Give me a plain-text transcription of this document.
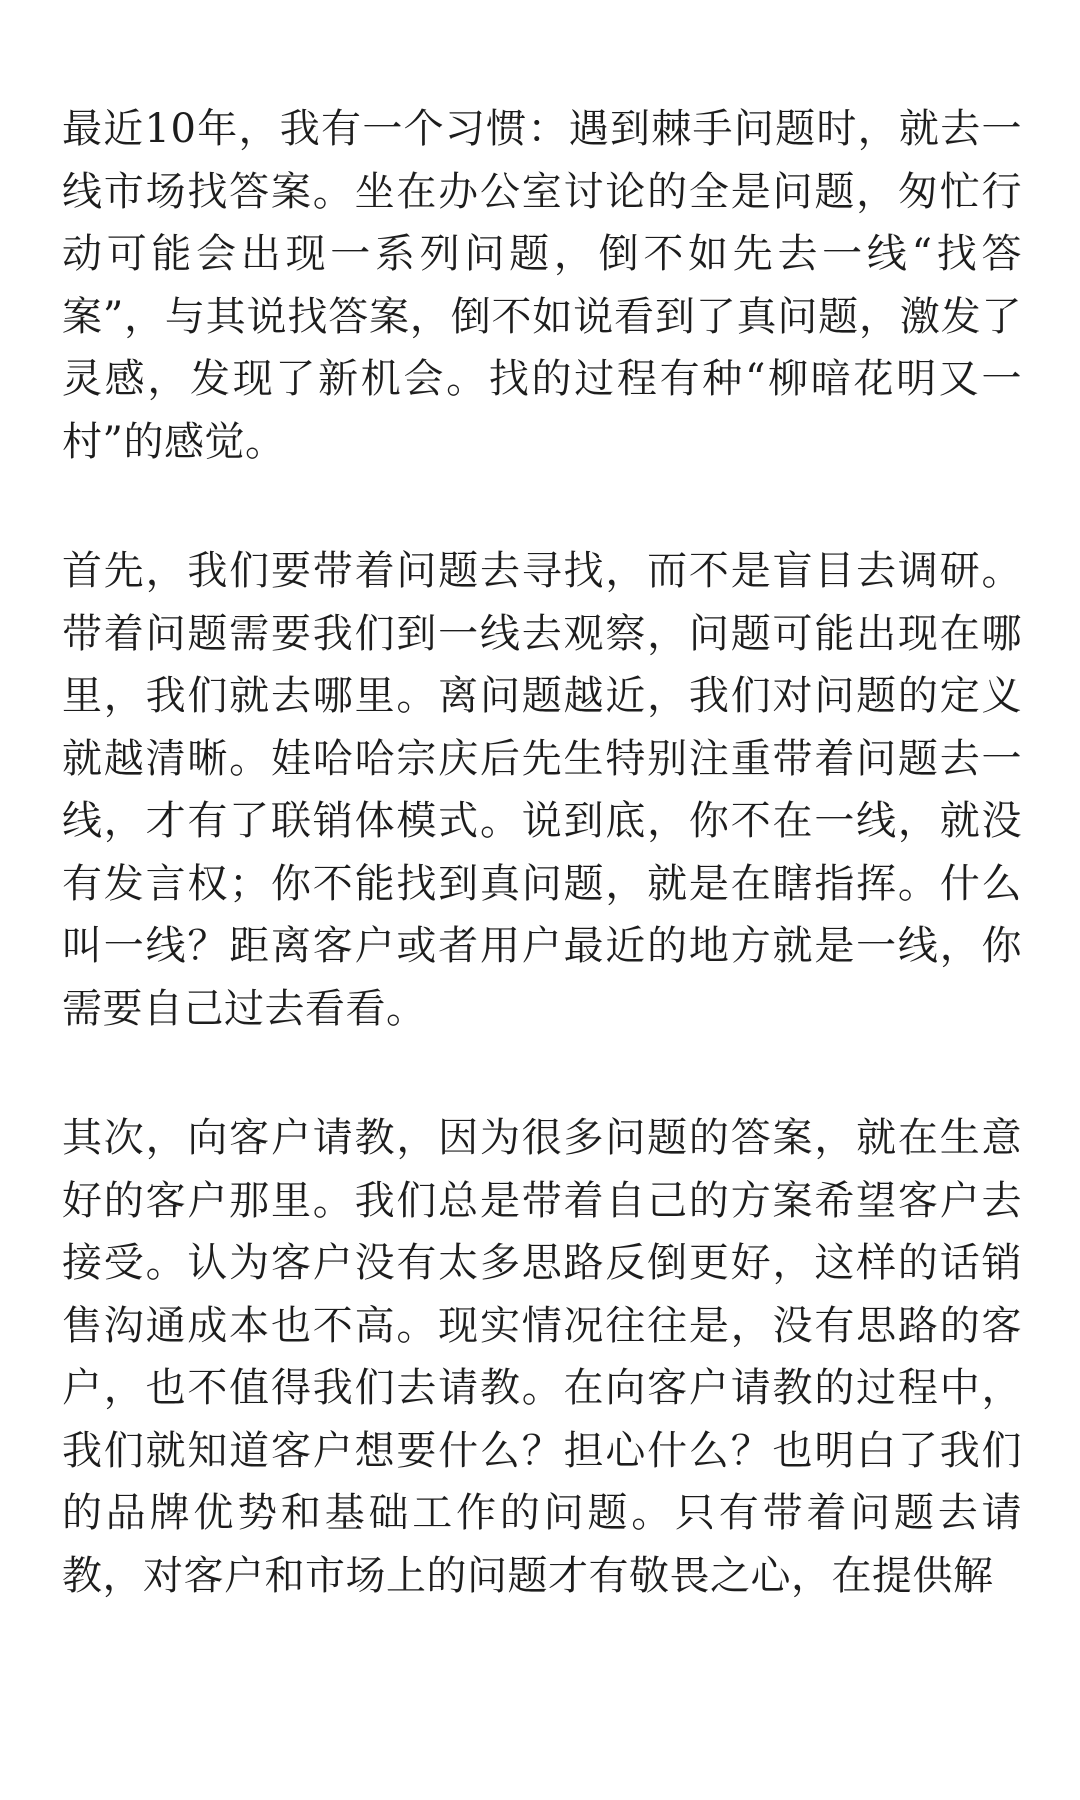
最近10年，我有一个习惯：遇到棘手问题时，就去一线市场找答案。坐在办公室讨论的全是问题，匆忙行动可能会出现一系列问题，倒不如先去一线“找答案”，与其说找答案，倒不如说看到了真问题，激发了灵感，发现了新机会。找的过程有种“柳暗花明又一村”的感觉。

首先，我们要带着问题去寻找，而不是盲目去调研。带着问题需要我们到一线去观察，问题可能出现在哪里，我们就去哪里。离问题越近，我们对问题的定义就越清晰。娃哈哈宗庆后先生特别注重带着问题去一线，才有了联销体模式。说到底，你不在一线，就没有发言权；你不能找到真问题，就是在瞎指挥。什么叫一线？距离客户或者用户最近的地方就是一线，你需要自己过去看看。

其次，向客户请教，因为很多问题的答案，就在生意好的客户那里。我们总是带着自己的方案希望客户去接受。认为客户没有太多思路反倒更好，这样的话销售沟通成本也不高。现实情况往往是，没有思路的客户，也不值得我们去请教。在向客户请教的过程中，我们就知道客户想要什么？担心什么？也明白了我们的品牌优势和基础工作的问题。只有带着问题去请教，对客户和市场上的问题才有敬畏之心，在提供解
